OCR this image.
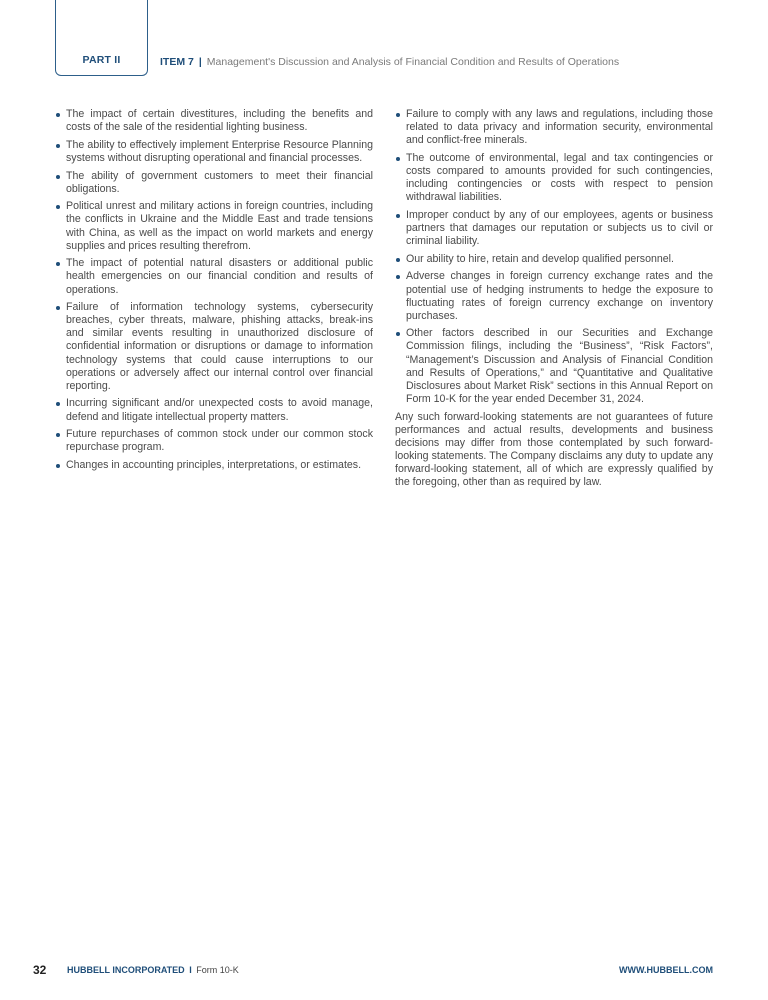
PART II	ITEM 7 | Management's Discussion and Analysis of Financial Condition and Results of Operations
The impact of certain divestitures, including the benefits and costs of the sale of the residential lighting business.
The ability to effectively implement Enterprise Resource Planning systems without disrupting operational and financial processes.
The ability of government customers to meet their financial obligations.
Political unrest and military actions in foreign countries, including the conflicts in Ukraine and the Middle East and trade tensions with China, as well as the impact on world markets and energy supplies and prices resulting therefrom.
The impact of potential natural disasters or additional public health emergencies on our financial condition and results of operations.
Failure of information technology systems, cybersecurity breaches, cyber threats, malware, phishing attacks, break-ins and similar events resulting in unauthorized disclosure of confidential information or disruptions or damage to information technology systems that could cause interruptions to our operations or adversely affect our internal control over financial reporting.
Incurring significant and/or unexpected costs to avoid manage, defend and litigate intellectual property matters.
Future repurchases of common stock under our common stock repurchase program.
Changes in accounting principles, interpretations, or estimates.
Failure to comply with any laws and regulations, including those related to data privacy and information security, environmental and conflict-free minerals.
The outcome of environmental, legal and tax contingencies or costs compared to amounts provided for such contingencies, including contingencies or costs with respect to pension withdrawal liabilities.
Improper conduct by any of our employees, agents or business partners that damages our reputation or subjects us to civil or criminal liability.
Our ability to hire, retain and develop qualified personnel.
Adverse changes in foreign currency exchange rates and the potential use of hedging instruments to hedge the exposure to fluctuating rates of foreign currency exchange on inventory purchases.
Other factors described in our Securities and Exchange Commission filings, including the “Business”, “Risk Factors”, “Management’s Discussion and Analysis of Financial Condition and Results of Operations,” and “Quantitative and Qualitative Disclosures about Market Risk” sections in this Annual Report on Form 10-K for the year ended December 31, 2024.

Any such forward-looking statements are not guarantees of future performances and actual results, developments and business decisions may differ from those contemplated by such forward-looking statements. The Company disclaims any duty to update any forward-looking statement, all of which are expressly qualified by the foregoing, other than as required by law.

32 HUBBELL INCORPORATED I Form 10-K	WWW.HUBBELL.COM
